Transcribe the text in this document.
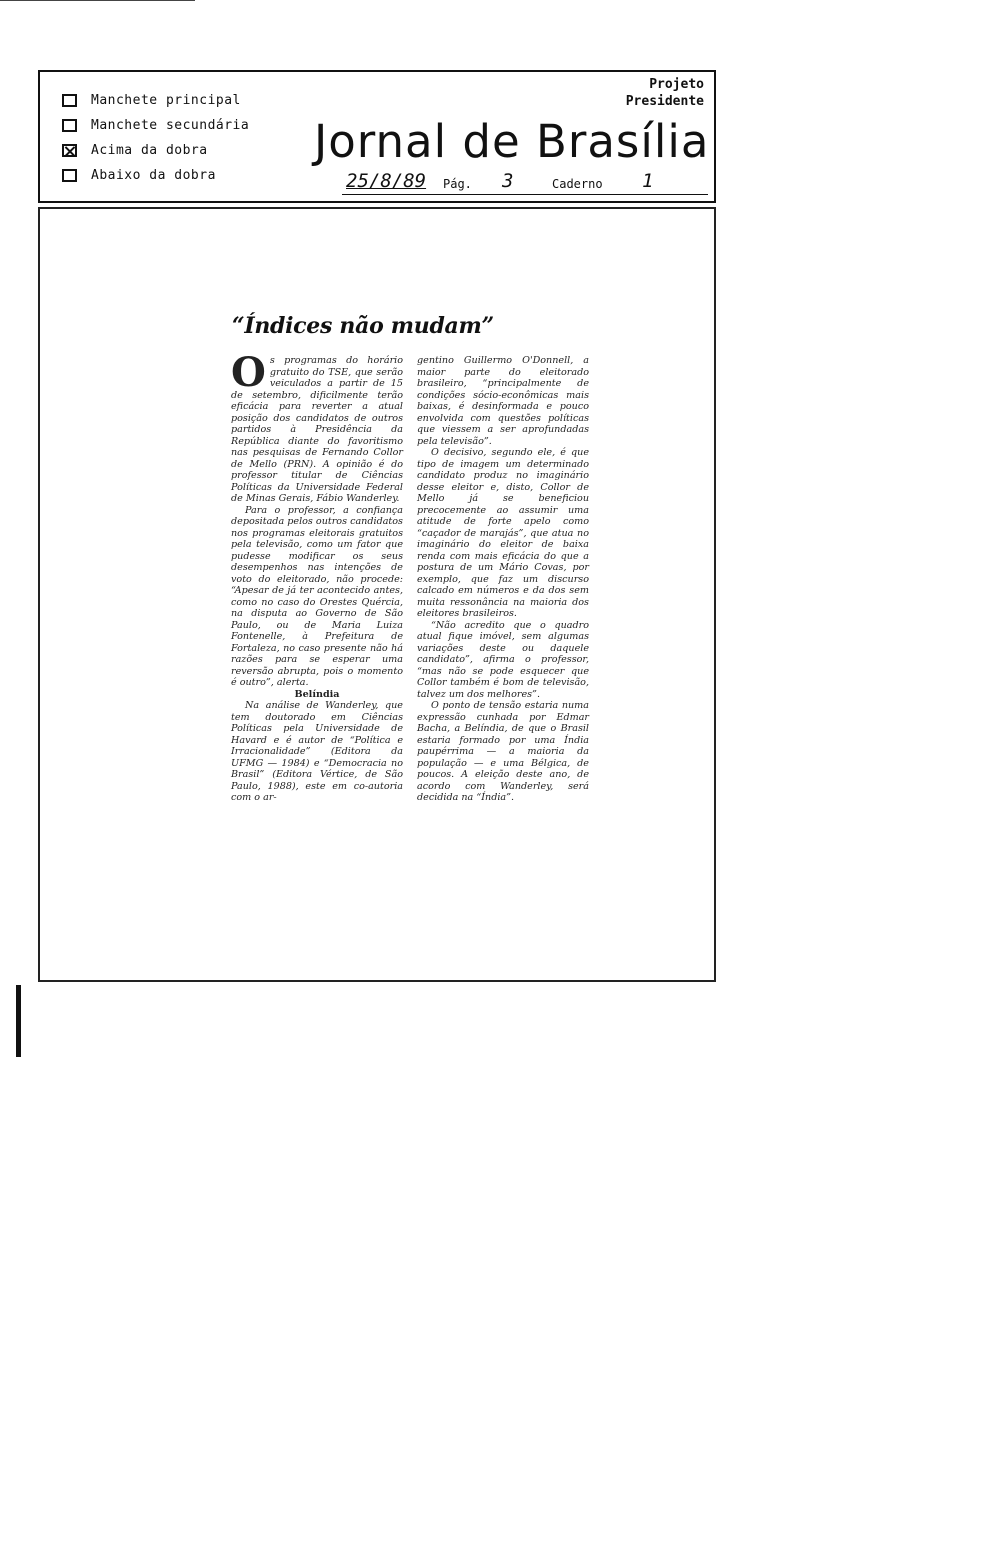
Manchete principal
Manchete secundária
Acima da dobra
Abaixo da dobra
Projeto
Presidente
Jornal de Brasília
25/8/89 Pág. 3	Caderno 1
“Índices não mudam”

Os programas do horário gratuito do TSE, que serão veiculados a partir de 15 de setembro, dificilmente terão eficácia para reverter a atual posição dos candidatos de outros partidos à Presidência da República diante do favoritismo nas pesquisas de Fernando Collor de Mello (PRN). A opinião é do professor titular de Ciências Políticas da Universidade Federal de Minas Gerais, Fábio Wanderley.

Para o professor, a confiança depositada pelos outros candidatos nos programas eleitorais gratuitos pela televisão, como um fator que pudesse modificar os seus desempenhos nas intenções de voto do eleitorado, não procede: “Apesar de já ter acontecido antes, como no caso do Orestes Quércia, na disputa ao Governo de São Paulo, ou de Maria Luiza Fontenelle, à Prefeitura de Fortaleza, no caso presente não há razões para se esperar uma reversão abrupta, pois o momento é outro”, alerta.

Belíndia

Na análise de Wanderley, que tem doutorado em Ciências Políticas pela Universidade de Havard e é autor de “Política e Irracionalidade” (Editora da UFMG — 1984) e “Democracia no Brasil” (Editora Vértice, de São Paulo, 1988), este em co-autoria com o ar-

gentino Guillermo O'Donnell, a maior parte do eleitorado brasileiro, “principalmente de condições sócio-econômicas mais baixas, é desinformada e pouco envolvida com questões políticas que viessem a ser aprofundadas pela televisão”.

O decisivo, segundo ele, é que tipo de imagem um determinado candidato produz no imaginário desse eleitor e, disto, Collor de Mello já se beneficiou precocemente ao assumir uma atitude de forte apelo como “caçador de marajás”, que atua no imaginário do eleitor de baixa renda com mais eficácia do que a postura de um Mário Covas, por exemplo, que faz um discurso calcado em números e da dos sem muita ressonância na maioria dos eleitores brasileiros.

“Não acredito que o quadro atual fique imóvel, sem algumas variações deste ou daquele candidato”, afirma o professor, “mas não se pode esquecer que Collor também é bom de televisão, talvez um dos melhores”.

O ponto de tensão estaria numa expressão cunhada por Edmar Bacha, a Belíndia, de que o Brasil estaria formado por uma Índia paupérrima — a maioria da população — e uma Bélgica, de poucos. A eleição deste ano, de acordo com Wanderley, será decidida na “Índia”.
